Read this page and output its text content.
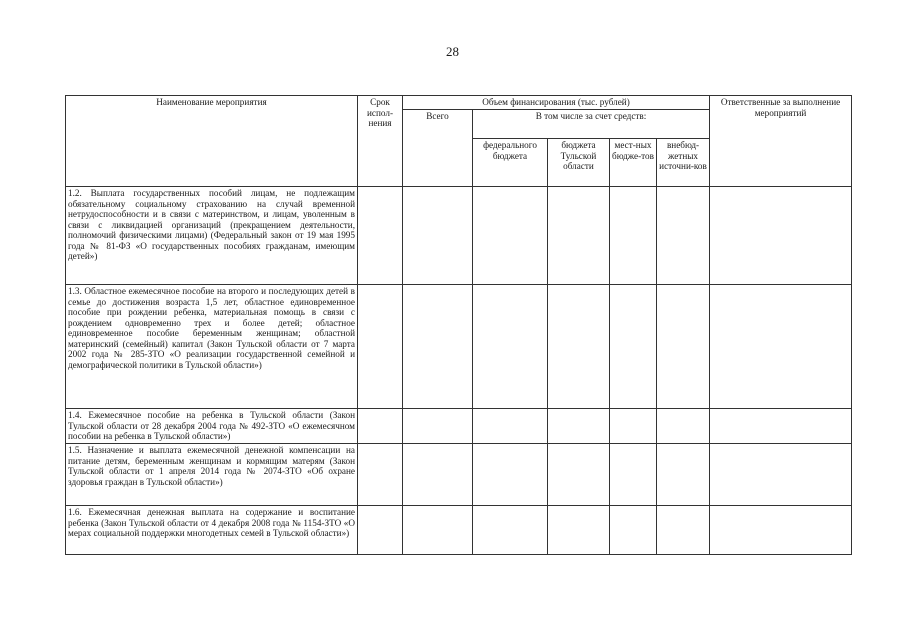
28
Наименование мероприятия	Срок испол-нения	Объем финансирования (тыс. рублей)					Ответственные за выполнение мероприятий
		Всего	В том числе за счет средств:				
			федерального бюджета	бюджета Тульской области	мест-ных бюдже-тов	внебюд-жетных источни-ков	
1.2. Выплата государственных пособий лицам, не подлежащим обязательному социальному страхованию на случай временной нетрудоспособности и в связи с материнством, и лицам, уволенным в связи с ликвидацией организаций (прекращением деятельности, полномочий физическими лицами) (Федеральный закон от 19 мая 1995 года № 81-ФЗ «О государственных пособиях гражданам, имеющим детей»)							
1.3. Областное ежемесячное пособие на второго и последующих детей в семье до достижения возраста 1,5 лет, областное единовременное пособие при рождении ребенка, материальная помощь в связи с рождением одновременно трех и более детей; областное единовременное пособие беременным женщинам; областной материнский (семейный) капитал (Закон Тульской области от 7 марта 2002 года № 285-ЗТО «О реализации государственной семейной и демографической политики в Тульской области»)							
1.4. Ежемесячное пособие на ребенка в Тульской области (Закон Тульской области от 28 декабря 2004 года № 492-ЗТО «О ежемесячном пособии на ребенка в Тульской области»)							
1.5. Назначение и выплата ежемесячной денежной компенсации на питание детям, беременным женщинам и кормящим матерям (Закон Тульской области от 1 апреля 2014 года № 2074-ЗТО «Об охране здоровья граждан в Тульской области»)							
1.6. Ежемесячная денежная выплата на содержание и воспитание ребенка (Закон Тульской области от 4 декабря 2008 года № 1154-ЗТО «О мерах социальной поддержки многодетных семей в Тульской области»)							
